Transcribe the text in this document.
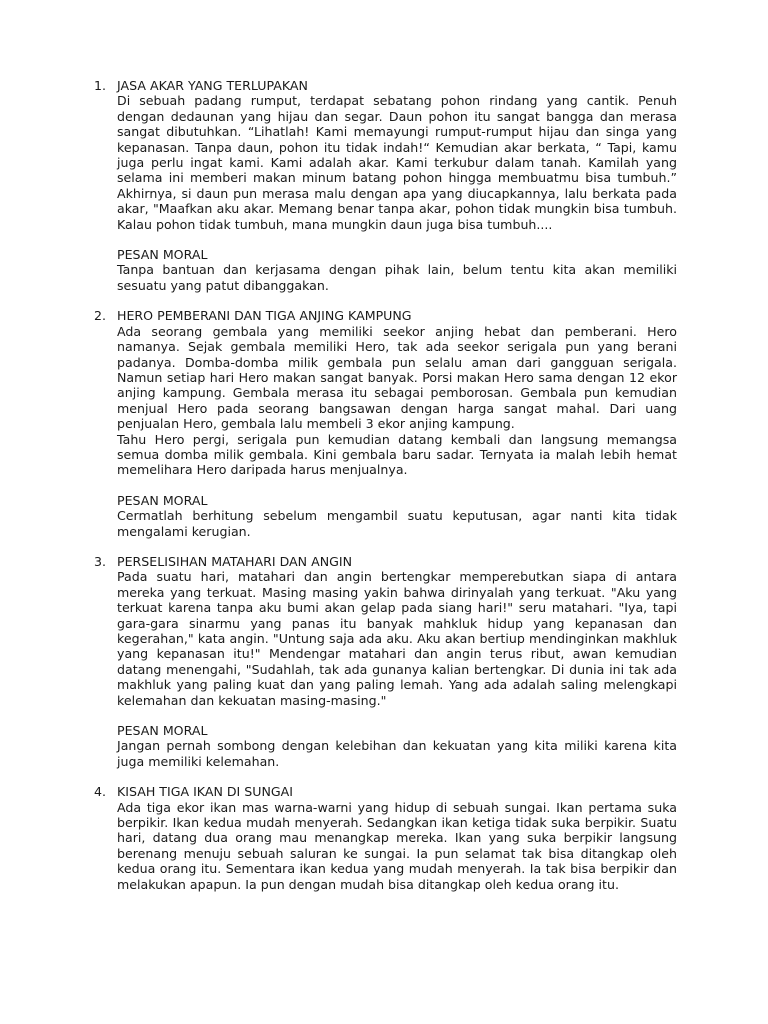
1. JASA AKAR YANG TERLUPAKAN

Di sebuah padang rumput, terdapat sebatang pohon rindang yang cantik. Penuh dengan dedaunan yang hijau dan segar. Daun pohon itu sangat bangga dan merasa sangat dibutuhkan. “Lihatlah! Kami memayungi rumput-rumput hijau dan singa yang kepanasan. Tanpa daun, pohon itu tidak indah!“ Kemudian akar berkata, “ Tapi, kamu juga perlu ingat kami. Kami adalah akar. Kami terkubur dalam tanah. Kamilah yang selama ini memberi makan minum batang pohon hingga membuatmu bisa tumbuh.” Akhirnya, si daun pun merasa malu dengan apa yang diucapkannya, lalu berkata pada akar, "Maafkan aku akar. Memang benar tanpa akar, pohon tidak mungkin bisa tumbuh. Kalau pohon tidak tumbuh, mana mungkin daun juga bisa tumbuh....

PESAN MORAL

Tanpa bantuan dan kerjasama dengan pihak lain, belum tentu kita akan memiliki sesuatu yang patut dibanggakan.

2. HERO PEMBERANI DAN TIGA ANJING KAMPUNG

Ada seorang gembala yang memiliki seekor anjing hebat dan pemberani. Hero namanya. Sejak gembala memiliki Hero, tak ada seekor serigala pun yang berani padanya. Domba-domba milik gembala pun selalu aman dari gangguan serigala. Namun setiap hari Hero makan sangat banyak. Porsi makan Hero sama dengan 12 ekor anjing kampung. Gembala merasa itu sebagai pemborosan. Gembala pun kemudian menjual Hero pada seorang bangsawan dengan harga sangat mahal. Dari uang penjualan Hero, gembala lalu membeli 3 ekor anjing kampung.

Tahu Hero pergi, serigala pun kemudian datang kembali dan langsung memangsa semua domba milik gembala. Kini gembala baru sadar. Ternyata ia malah lebih hemat memelihara Hero daripada harus menjualnya.

PESAN MORAL

Cermatlah berhitung sebelum mengambil suatu keputusan, agar nanti kita tidak mengalami kerugian.

3. PERSELISIHAN MATAHARI DAN ANGIN

Pada suatu hari, matahari dan angin bertengkar memperebutkan siapa di antara mereka yang terkuat. Masing masing yakin bahwa dirinyalah yang terkuat. "Aku yang terkuat karena tanpa aku bumi akan gelap pada siang hari!" seru matahari. "Iya, tapi gara-gara sinarmu yang panas itu banyak mahkluk hidup yang kepanasan dan kegerahan," kata angin. "Untung saja ada aku. Aku akan bertiup mendinginkan makhluk yang kepanasan itu!" Mendengar matahari dan angin terus ribut, awan kemudian datang menengahi, "Sudahlah, tak ada gunanya kalian bertengkar. Di dunia ini tak ada makhluk yang paling kuat dan yang paling lemah. Yang ada adalah saling melengkapi kelemahan dan kekuatan masing-masing."

PESAN MORAL

Jangan pernah sombong dengan kelebihan dan kekuatan yang kita miliki karena kita juga memiliki kelemahan.

4. KISAH TIGA IKAN DI SUNGAI

Ada tiga ekor ikan mas warna-warni yang hidup di sebuah sungai. Ikan pertama suka berpikir. Ikan kedua mudah menyerah. Sedangkan ikan ketiga tidak suka berpikir. Suatu hari, datang dua orang mau menangkap mereka. Ikan yang suka berpikir langsung berenang menuju sebuah saluran ke sungai. Ia pun selamat tak bisa ditangkap oleh kedua orang itu. Sementara ikan kedua yang mudah menyerah. Ia tak bisa berpikir dan melakukan apapun. Ia pun dengan mudah bisa ditangkap oleh kedua orang itu.
